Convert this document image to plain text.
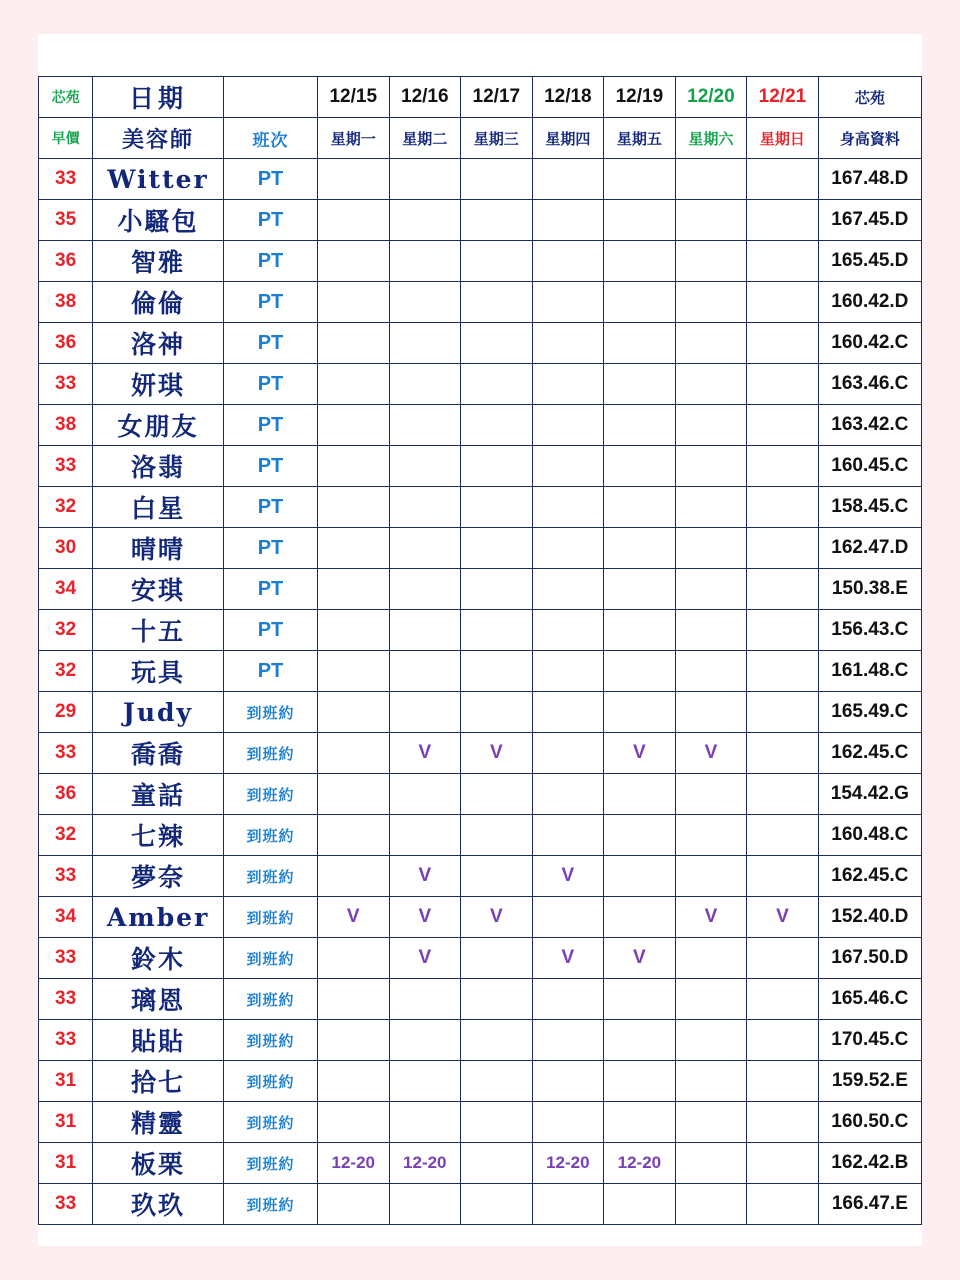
芯苑	日期		12/15	12/16	12/17	12/18	12/19	12/20	12/21	芯苑
早價	美容師	班次	星期一	星期二	星期三	星期四	星期五	星期六	星期日	身高資料
33	Witter	PT								167.48.D
35	小騷包	PT								167.45.D
36	智雅	PT								165.45.D
38	倫倫	PT								160.42.D
36	洛神	PT								160.42.C
33	妍琪	PT								163.46.C
38	女朋友	PT								163.42.C
33	洛翡	PT								160.45.C
32	白星	PT								158.45.C
30	晴晴	PT								162.47.D
34	安琪	PT								150.38.E
32	十五	PT								156.43.C
32	玩具	PT								161.48.C
29	Judy	到班約								165.49.C
33	喬喬	到班約		V	V		V	V		162.45.C
36	童話	到班約								154.42.G
32	七辣	到班約								160.48.C
33	夢奈	到班約		V		V				162.45.C
34	Amber	到班約	V	V	V			V	V	152.40.D
33	鈴木	到班約		V		V	V			167.50.D
33	璃恩	到班約								165.46.C
33	貼貼	到班約								170.45.C
31	拾七	到班約								159.52.E
31	精靈	到班約								160.50.C
31	板栗	到班約	12-20	12-20		12-20	12-20			162.42.B
33	玖玖	到班約								166.47.E
